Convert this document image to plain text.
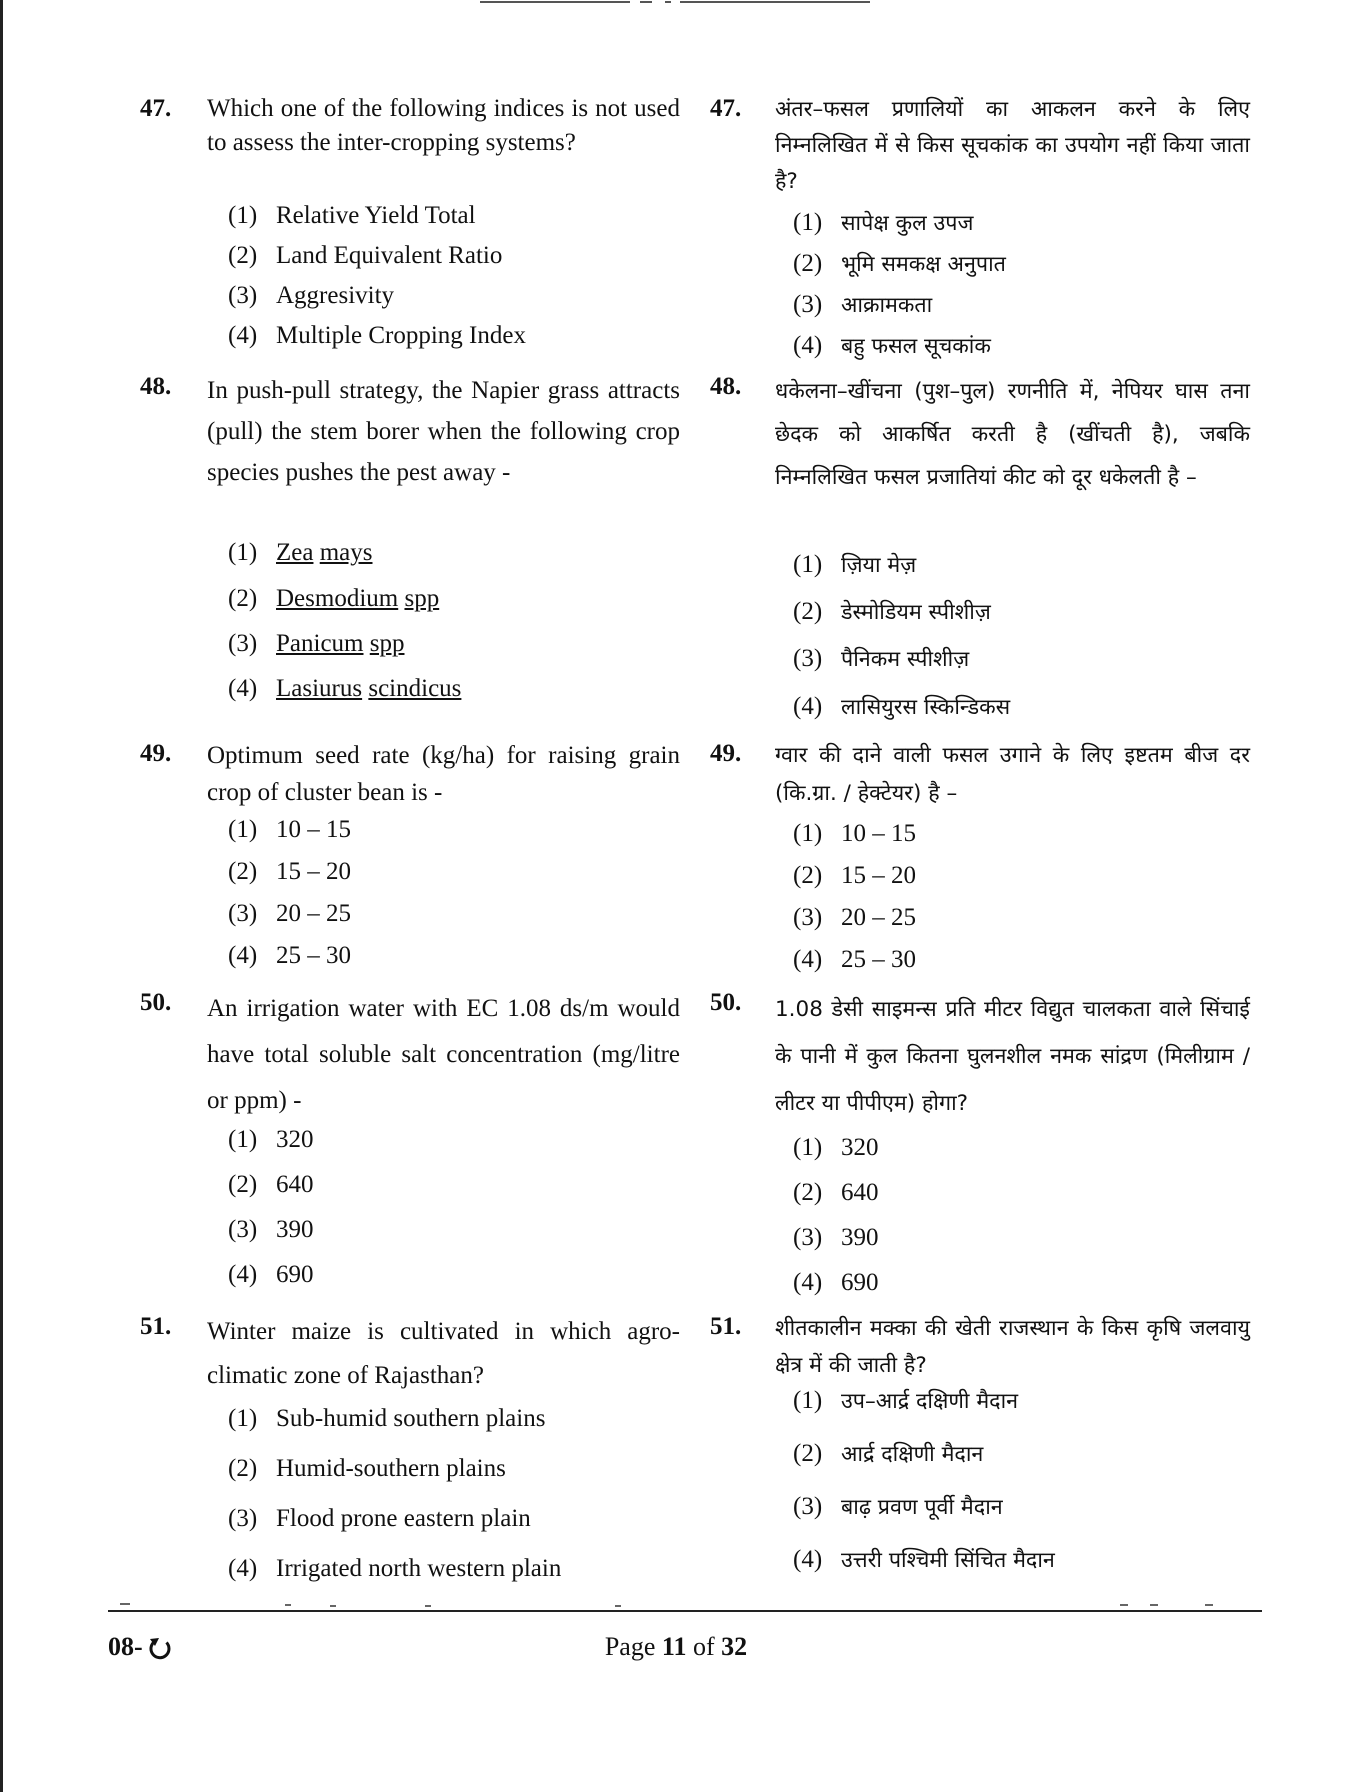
47. Which one of the following indices is not used to assess the inter-cropping systems?
(1) Relative Yield Total
(2) Land Equivalent Ratio
(3) Aggresivity
(4) Multiple Cropping Index
48. In push-pull strategy, the Napier grass attracts (pull) the stem borer when the following crop species pushes the pest away -
(1) Zea mays
(2) Desmodium spp
(3) Panicum spp
(4) Lasiurus scindicus
49. Optimum seed rate (kg/ha) for raising grain crop of cluster bean is -
(1) 10 – 15
(2) 15 – 20
(3) 20 – 25
(4) 25 – 30
50. An irrigation water with EC 1.08 ds/m would have total soluble salt concentration (mg/litre or ppm) -
(1) 320
(2) 640
(3) 390
(4) 690
51. Winter maize is cultivated in which agro-climatic zone of Rajasthan?
(1) Sub-humid southern plains
(2) Humid-southern plains
(3) Flood prone eastern plain
(4) Irrigated north western plain
47. अंतर–फसल प्रणालियों का आकलन करने के लिए निम्नलिखित में से किस सूचकांक का उपयोग नहीं किया जाता है?
(1) सापेक्ष कुल उपज
(2) भूमि समकक्ष अनुपात
(3) आक्रामकता
(4) बहु फसल सूचकांक
48. धकेलना–खींचना (पुश–पुल) रणनीति में, नेपियर घास तना छेदक को आकर्षित करती है (खींचती है), जबकि निम्नलिखित फसल प्रजातियां कीट को दूर धकेलती है –
(1) ज़िया मेज़
(2) डेस्मोडियम स्पीशीज़
(3) पैनिकम स्पीशीज़
(4) लासियुरस स्किन्डिकस
49. ग्वार की दाने वाली फसल उगाने के लिए इष्टतम बीज दर (कि.ग्रा. / हेक्टेयर) है –
(1) 10 – 15
(2) 15 – 20
(3) 20 – 25
(4) 25 – 30
50. 1.08 डेसी साइमन्स प्रति मीटर विद्युत चालकता वाले सिंचाई के पानी में कुल कितना घुलनशील नमक सांद्रण (मिलीग्राम / लीटर या पीपीएम) होगा?
(1) 320
(2) 640
(3) 390
(4) 690
51. शीतकालीन मक्का की खेती राजस्थान के किस कृषि जलवायु क्षेत्र में की जाती है?
(1) उप–आर्द्र दक्षिणी मैदान
(2) आर्द्र दक्षिणी मैदान
(3) बाढ़ प्रवण पूर्वी मैदान
(4) उत्तरी पश्चिमी सिंचित मैदान
08-	Page 11 of 32
